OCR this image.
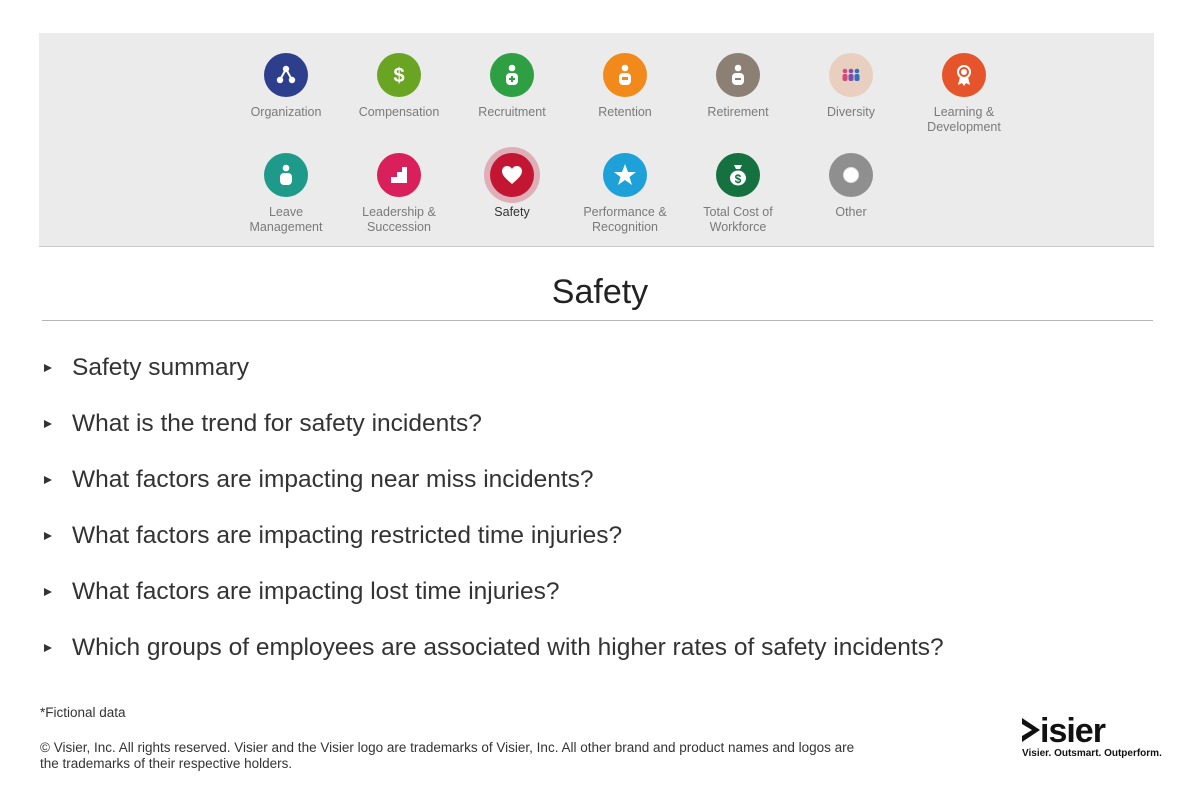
Organization
$
Compensation	Recruitment	Retention	Retirement	Diversity	Learning &
Development
Leave
Management
Leadership &
Succession
Safety	Performance &
Recognition
$
Total Cost of
Workforce
Other
Safety
Safety summary
What is the trend for safety incidents?
What factors are impacting near miss incidents?
What factors are impacting restricted time injuries?
What factors are impacting lost time injuries?
Which groups of employees are associated with higher rates of safety incidents?
*Fictional data
© Visier, Inc. All rights reserved. Visier and the Visier logo are trademarks of Visier, Inc. All other brand and product names and logos are the trademarks of their respective holders.
isier
Visier. Outsmart. Outperform.
